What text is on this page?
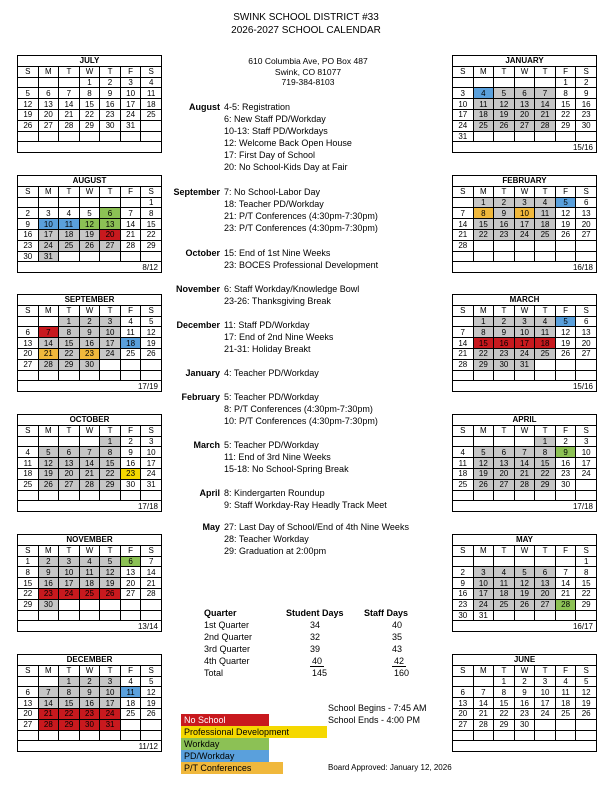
SWINK SCHOOL DISTRICT #33
2026-2027 SCHOOL CALENDAR
610 Columbia Ave, PO Box 487
Swink, CO 81077
719-384-8103
JULY						
S	M	T	W	T	F	S
			1	2	3	4
5	6	7	8	9	10	11
12	13	14	15	16	17	18
19	20	21	22	23	24	25
26	27	28	29	30	31	

AUGUST						
S	M	T	W	T	F	S
						1
2	3	4	5	6	7	8
9	10	11	12	13	14	15
16	17	18	19	20	21	22
23	24	25	26	27	28	29
30	31					
8/12						
SEPTEMBER						
S	M	T	W	T	F	S
		1	2	3	4	5
6	7	8	9	10	11	12
13	14	15	16	17	18	19
20	21	22	23	24	25	26
27	28	29	30			

17/19						
OCTOBER						
S	M	T	W	T	F	S
				1	2	3
4	5	6	7	8	9	10
11	12	13	14	15	16	17
18	19	20	21	22	23	24
25	26	27	28	29	30	31

17/18						
NOVEMBER						
S	M	T	W	T	F	S
1	2	3	4	5	6	7
8	9	10	11	12	13	14
15	16	17	18	19	20	21
22	23	24	25	26	27	28
29	30					

13/14						
DECEMBER						
S	M	T	W	T	F	S
		1	2	3	4	5
6	7	8	9	10	11	12
13	14	15	16	17	18	19
20	21	22	23	24	25	26
27	28	29	30	31		

11/12						
JANUARY						
S	M	T	W	T	F	S
					1	2
3	4	5	6	7	8	9
10	11	12	13	14	15	16
17	18	19	20	21	22	23
24	25	26	27	28	29	30
31						
15/16						
FEBRUARY						
S	M	T	W	T	F	S
	1	2	3	4	5	6
7	8	9	10	11	12	13
14	15	16	17	18	19	20
21	22	23	24	25	26	27
28						

16/18						
MARCH						
S	M	T	W	T	F	S
	1	2	3	4	5	6
7	8	9	10	11	12	13
14	15	16	17	18	19	20
21	22	23	24	25	26	27
28	29	30	31			

15/16						
APRIL						
S	M	T	W	T	F	S
				1	2	3
4	5	6	7	8	9	10
11	12	13	14	15	16	17
18	19	20	21	22	23	24
25	26	27	28	29	30	

17/18						
MAY						
S	M	T	W	T	F	S
						1
2	3	4	5	6	7	8
9	10	11	12	13	14	15
16	17	18	19	20	21	22
23	24	25	26	27	28	29
30	31					
16/17						
JUNE						
S	M	T	W	T	F	S
		1	2	3	4	5
6	7	8	9	10	11	12
13	14	15	16	17	18	19
20	21	22	23	24	25	26
27	28	29	30			

August 4-5: Registration
6: New Staff PD/Workday
10-13: Staff PD/Workdays
12: Welcome Back Open House
17: First Day of School
20: No School-Kids Day at Fair
September 7: No School-Labor Day
18: Teacher PD/Workday
21: P/T Conferences (4:30pm-7:30pm)
23: P/T Conferences (4:30pm-7:30pm)
October 15: End of 1st Nine Weeks
23: BOCES Professional Development
November 6: Staff Workday/Knowledge Bowl
23-26: Thanksgiving Break
December 11: Staff PD/Workday
17: End of 2nd Nine Weeks
21-31: Holiday Breakt
January 4: Teacher PD/Workday
February 5: Teacher PD/Workday
8: P/T Conferences (4:30pm-7:30pm)
10: P/T Conferences (4:30pm-7:30pm)
March 5: Teacher PD/Workday
11: End of 3rd Nine Weeks
15-18: No School-Spring Break
April 8: Kindergarten Roundup
9: Staff Workday-Ray Headly Track Meet
May 27: Last Day of School/End of 4th Nine Weeks
28: Teacher Workday
29: Graduation at 2:00pm
Quarter	Student Days	Staff Days
1st Quarter	34	40
2nd Quarter	32	35
3rd Quarter	39	43
4th Quarter	40	42
Total	145	160
No School
Professional Development
Workday
PD/Workday
P/T Conferences
School Begins - 7:45 AM
School Ends - 4:00 PM
Board Approved: January 12, 2026
